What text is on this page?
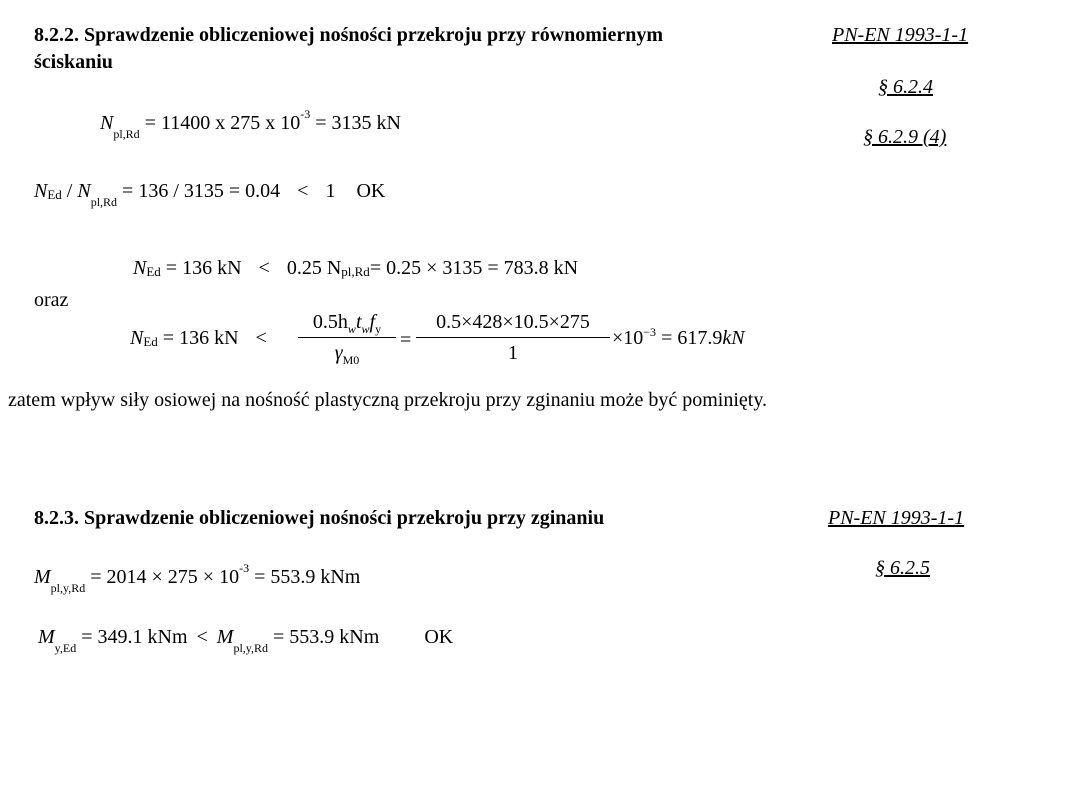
8.2.2. Sprawdzenie obliczeniowej nośności przekroju przy równomiernym
ściskaniu
PN-EN 1993-1-1
§ 6.2.4
§ 6.2.9 (4)
$N_{pl,Rd} = 11400$ x 275 x $10^{-3} = 3135$ kN
$N_{Ed} / N_{pl,Rd} = 136 / 3135 = 0.04 < 1$ OK
$N_{Ed} = 136$ kN < 0.25 $N_{pl,Rd}= 0.25 \times 3135 = 783.8$ kN
oraz
$N_{Ed} = 136$ kN <
$0.5h_wt_wf_y$
$\gamma_{M0}$
=
0.5×428×10.5×275
1
$\times 10^{-3} = 617.9kN$
zatem wpływ siły osiowej na nośność plastyczną przekroju przy zginaniu może być pominięty.
8.2.3. Sprawdzenie obliczeniowej nośności przekroju przy zginaniu	PN-EN 1993-1-1
§ 6.2.5
$M_{pl,y,Rd} = 2014 \times 275 \times 10^{-3} = 553.9$ kNm
$M_{y,Ed} = 349.1$ kNm < $M_{pl,y,Rd} = 553.9$ kNm OK
